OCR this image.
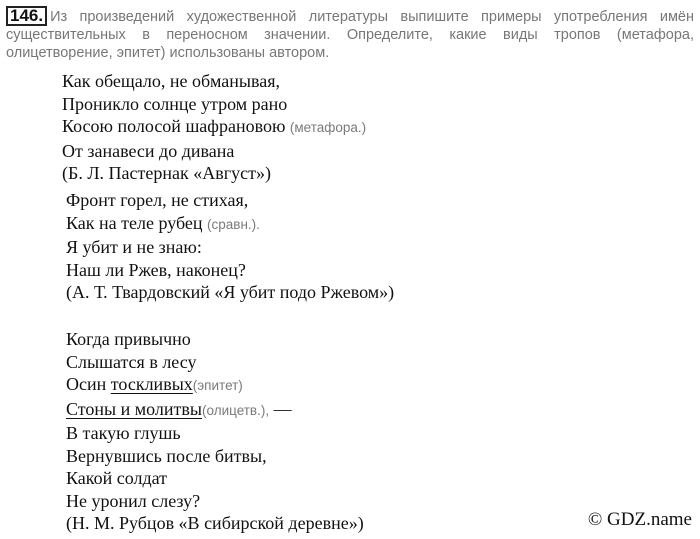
146. Из произведений художественной литературы выпишите примеры употребления имён существительных в переносном значении. Определите, какие виды тропов (метафора, олицетворение, эпитет) использованы автором.
Как обещало, не обманывая,
Проникло солнце утром рано
Косою полосой шафрановою (метафора.)
От занавеси до дивана
(Б. Л. Пастернак «Август»)
Фронт горел, не стихая,
Как на теле рубец (сравн.).
Я убит и не знаю:
Наш ли Ржев, наконец?
(А. Т. Твардовский «Я убит подо Ржевом»)
Когда привычно
Слышатся в лесу
Осин тоскливых(эпитет)
Стоны и молитвы(олицетв.), —
В такую глушь
Вернувшись после битвы,
Какой солдат
Не уронил слезу?
(Н. М. Рубцов «В сибирской деревне»)	© GDZ.name
